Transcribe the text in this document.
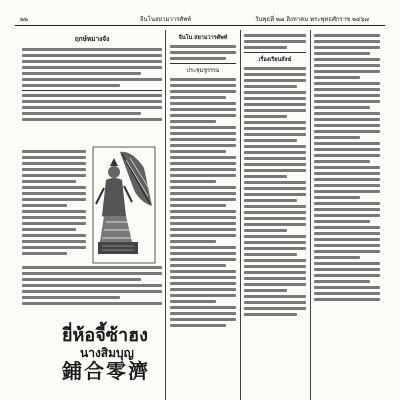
๒๒	จีนโนสยามวารศัพท์	วันพุธที่ ๒๗ สิงหาคม พระพุทธศักราช ๒๔๖๗
ฤกษ์หมางจัง	จีนโน สยามวารศัพท์
ประชุมชูรรรม
เรื่องเรียนสังฆ์
ยี่ห้อจี้ซ้าฮง
นางสิมบุญ
鋪合零濟
